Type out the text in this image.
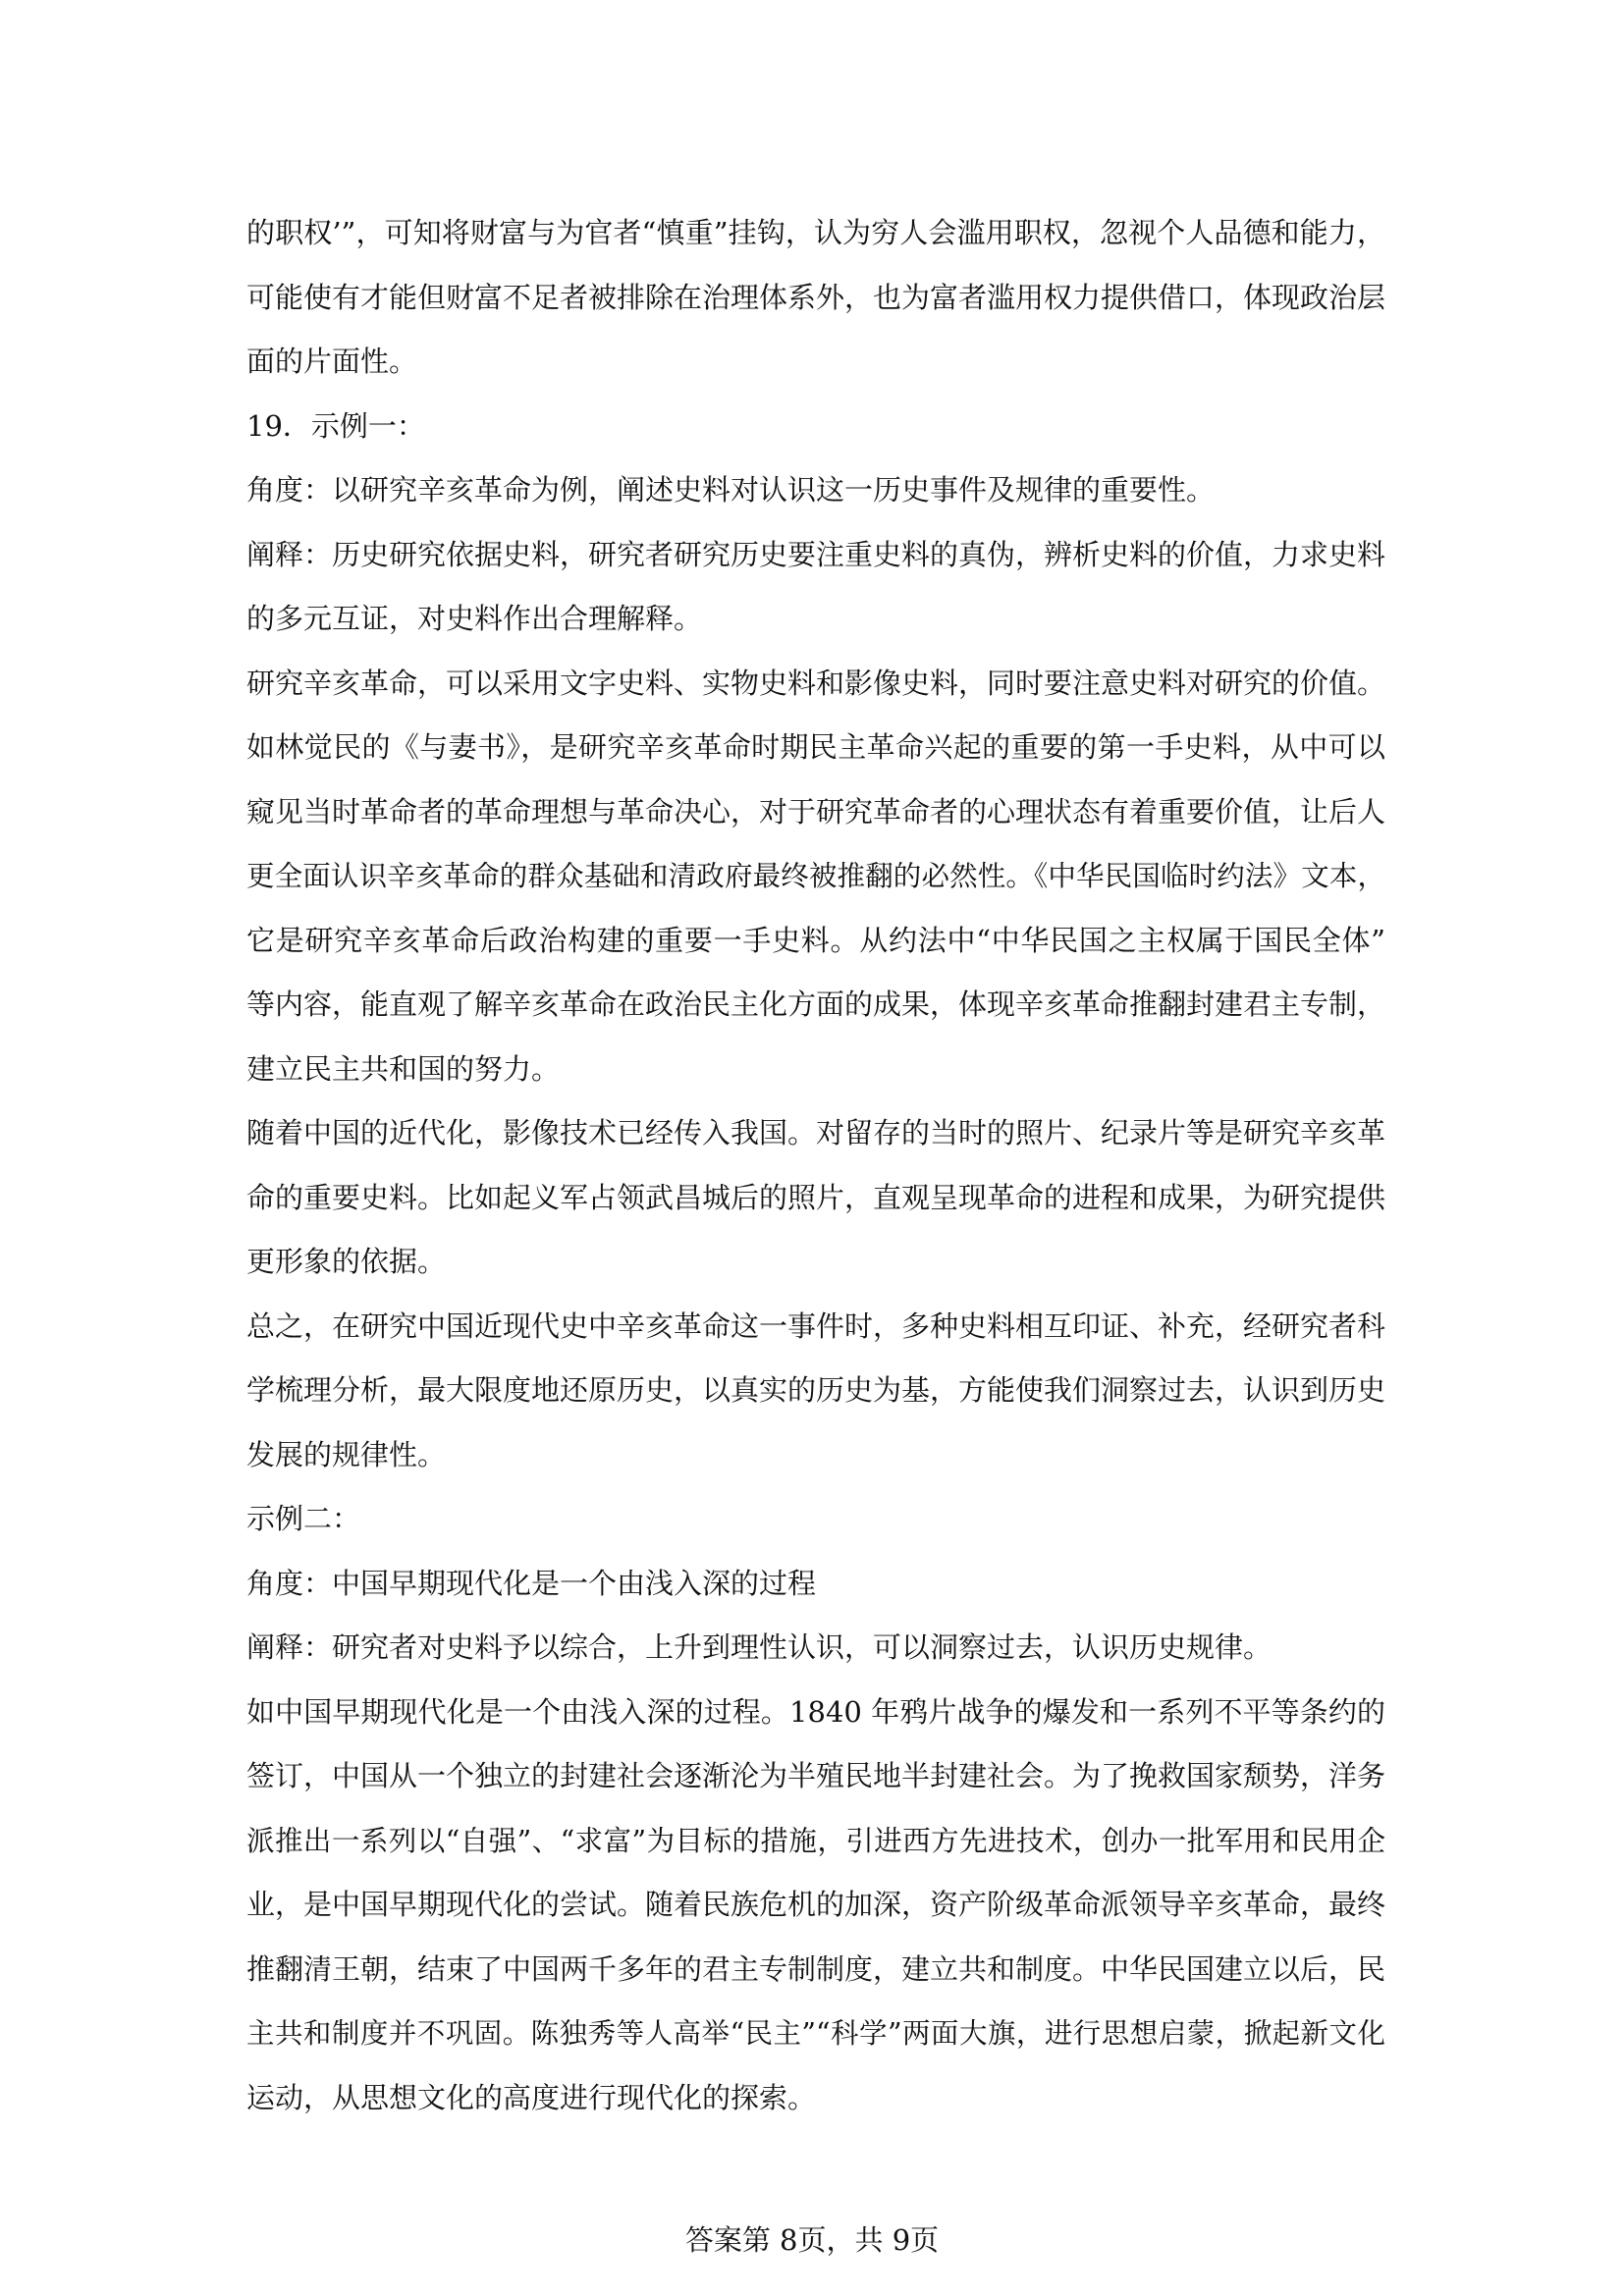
的职权’”，可知将财富与为官者“慎重”挂钩，认为穷人会滥用职权，忽视个人品德和能力，
可能使有才能但财富不足者被排除在治理体系外，也为富者滥用权力提供借口，体现政治层
面的片面性。
19．示例一：
角度：以研究辛亥革命为例，阐述史料对认识这一历史事件及规律的重要性。
阐释：历史研究依据史料，研究者研究历史要注重史料的真伪，辨析史料的价值，力求史料
的多元互证，对史料作出合理解释。
研究辛亥革命，可以采用文字史料、实物史料和影像史料，同时要注意史料对研究的价值。
如林觉民的《与妻书》，是研究辛亥革命时期民主革命兴起的重要的第一手史料，从中可以
窥见当时革命者的革命理想与革命决心，对于研究革命者的心理状态有着重要价值，让后人
更全面认识辛亥革命的群众基础和清政府最终被推翻的必然性。《中华民国临时约法》文本，
它是研究辛亥革命后政治构建的重要一手史料。从约法中“中华民国之主权属于国民全体”
等内容，能直观了解辛亥革命在政治民主化方面的成果，体现辛亥革命推翻封建君主专制，
建立民主共和国的努力。
随着中国的近代化，影像技术已经传入我国。对留存的当时的照片、纪录片等是研究辛亥革
命的重要史料。比如起义军占领武昌城后的照片，直观呈现革命的进程和成果，为研究提供
更形象的依据。
总之，在研究中国近现代史中辛亥革命这一事件时，多种史料相互印证、补充，经研究者科
学梳理分析，最大限度地还原历史，以真实的历史为基，方能使我们洞察过去，认识到历史
发展的规律性。
示例二：
角度：中国早期现代化是一个由浅入深的过程
阐释：研究者对史料予以综合，上升到理性认识，可以洞察过去，认识历史规律。
如中国早期现代化是一个由浅入深的过程。1840 年鸦片战争的爆发和一系列不平等条约的
签订，中国从一个独立的封建社会逐渐沦为半殖民地半封建社会。为了挽救国家颓势，洋务
派推出一系列以“自强”、“求富”为目标的措施，引进西方先进技术，创办一批军用和民用企
业，是中国早期现代化的尝试。随着民族危机的加深，资产阶级革命派领导辛亥革命，最终
推翻清王朝，结束了中国两千多年的君主专制制度，建立共和制度。中华民国建立以后，民
主共和制度并不巩固。陈独秀等人高举“民主”“科学”两面大旗，进行思想启蒙，掀起新文化
运动，从思想文化的高度进行现代化的探索。
答案第 8页，共 9页
